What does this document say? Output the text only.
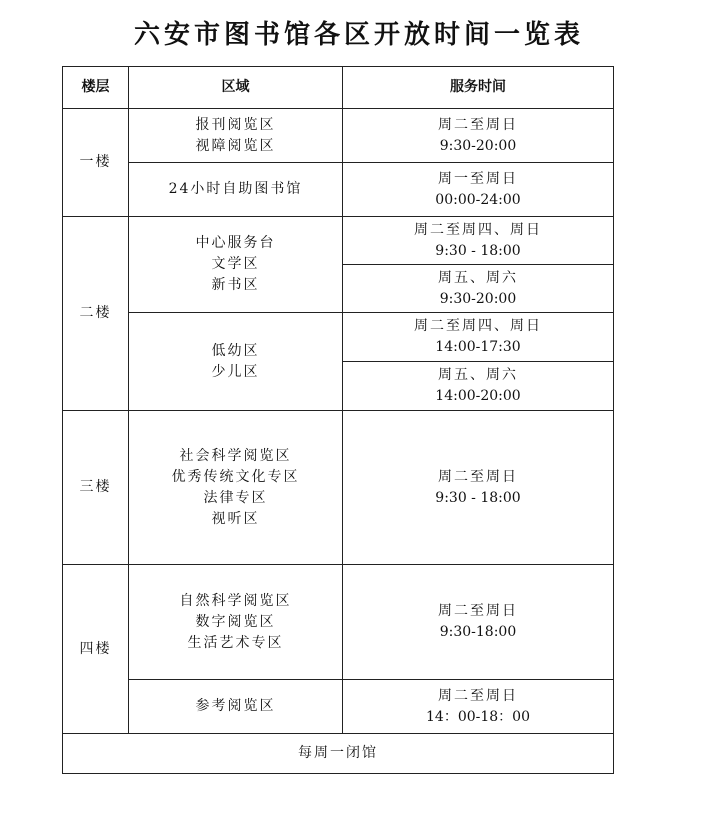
六安市图书馆各区开放时间一览表
楼层	区域	服务时间
一楼	报刊阅览区
视障阅览区	周二至周日
9:30-20:00

	24小时自助图书馆	周一至周日
00:00-24:00

二楼	中心服务台
文学区
新书区	周二至周四、周日
9:30 - 18:00

		周五、周六
9:30-20:00

	低幼区
少儿区	周二至周四、周日
14:00-17:30

		周五、周六
14:00-20:00

三楼	社会科学阅览区
优秀传统文化专区
法律专区
视听区	周二至周日
9:30 - 18:00

四楼	自然科学阅览区
数字阅览区
生活艺术专区	周二至周日
9:30-18:00

	参考阅览区	周二至周日
14：00-18：00

每周一闭馆		
